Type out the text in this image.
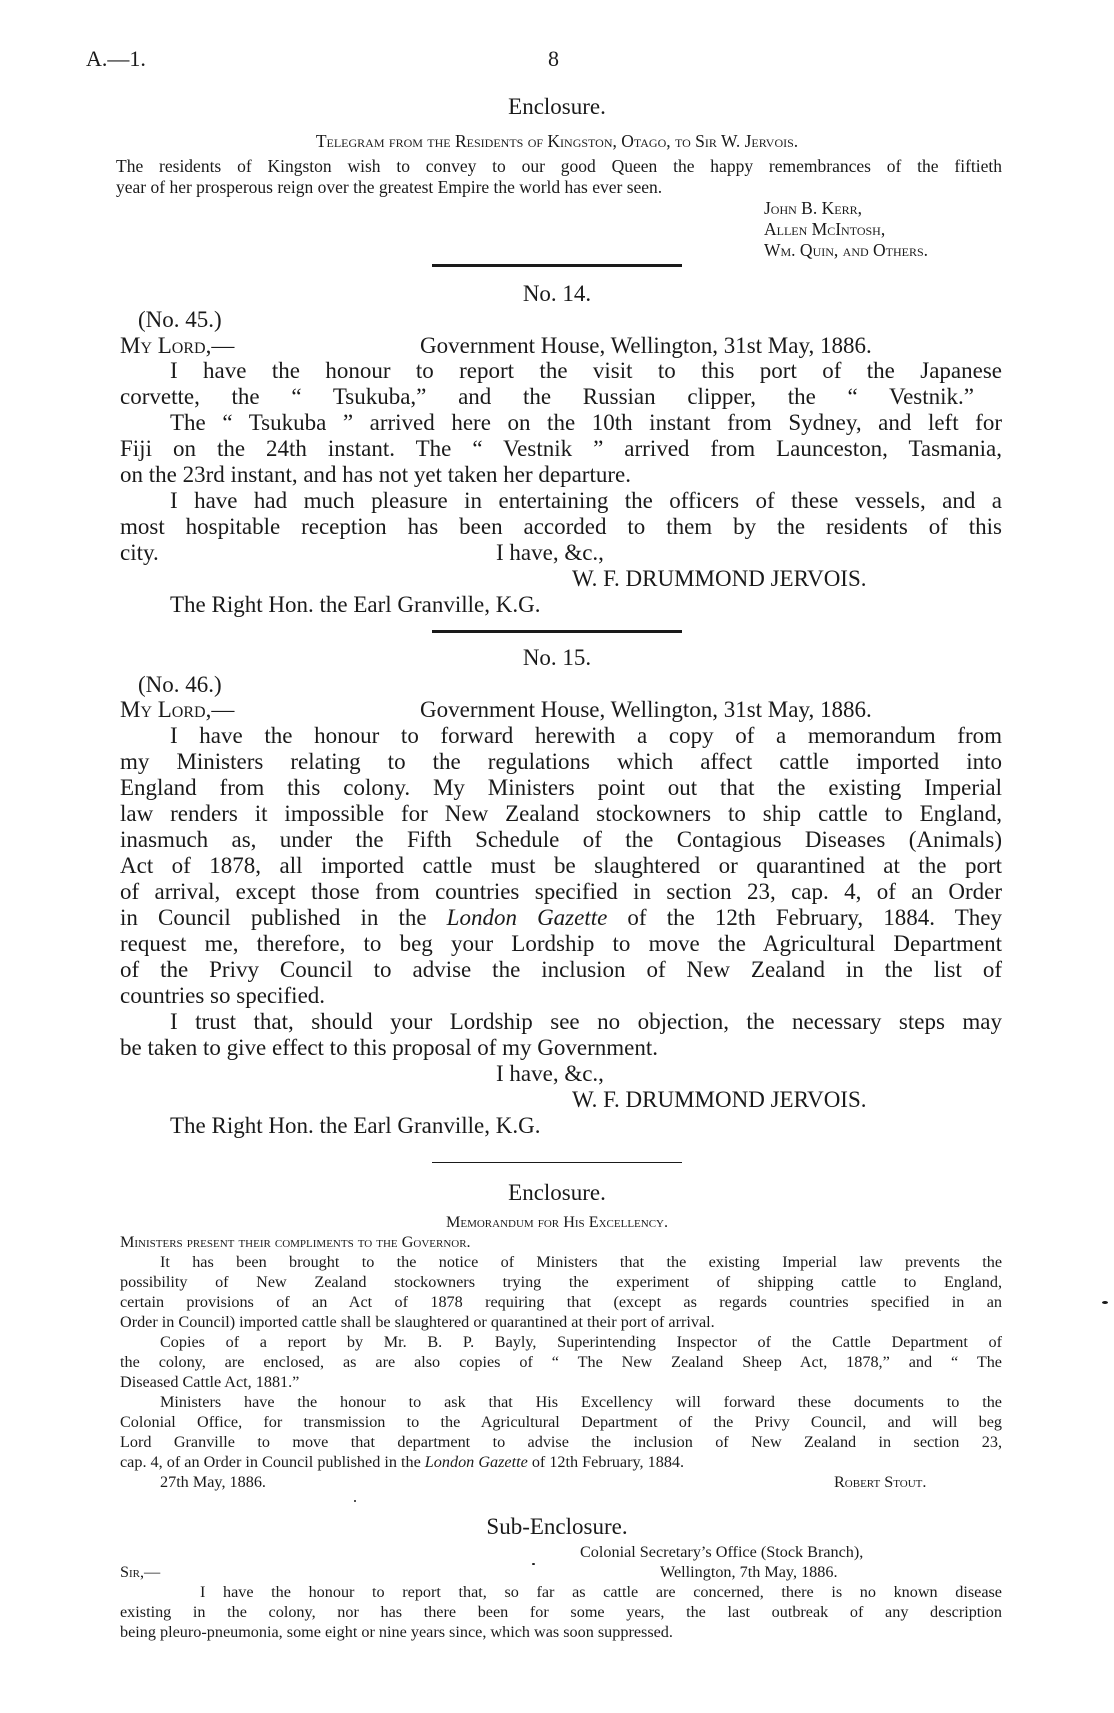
A.—1.	8
Enclosure.
Telegram from the Residents of Kingston, Otago, to Sir W. Jervois.
The residents of Kingston wish to convey to our good Queen the happy remembrances of the fiftieth
year of her prosperous reign over the greatest Empire the world has ever seen.
John B. Kerr,
Allen McIntosh,
Wm. Quin, and Others.
No. 14.
(No. 45.)
My Lord,—	Government House, Wellington, 31st May, 1886.
I have the honour to report the visit to this port of the Japanese
corvette, the “ Tsukuba,” and the Russian clipper, the “ Vestnik.”
The “ Tsukuba ” arrived here on the 10th instant from Sydney, and left for
Fiji on the 24th instant. The “ Vestnik ” arrived from Launceston, Tasmania,
on the 23rd instant, and has not yet taken her departure.
I have had much pleasure in entertaining the officers of these vessels, and a
most hospitable reception has been accorded to them by the residents of this
city.	I have, &c.,
W. F. DRUMMOND JERVOIS.
The Right Hon. the Earl Granville, K.G.
No. 15.
(No. 46.)
My Lord,—	Government House, Wellington, 31st May, 1886.
I have the honour to forward herewith a copy of a memorandum from
my Ministers relating to the regulations which affect cattle imported into
England from this colony. My Ministers point out that the existing Imperial
law renders it impossible for New Zealand stockowners to ship cattle to England,
inasmuch as, under the Fifth Schedule of the Contagious Diseases (Animals)
Act of 1878, all imported cattle must be slaughtered or quarantined at the port
of arrival, except those from countries specified in section 23, cap. 4, of an Order
in Council published in the London Gazette of the 12th February, 1884. They
request me, therefore, to beg your Lordship to move the Agricultural Department
of the Privy Council to advise the inclusion of New Zealand in the list of
countries so specified.
I trust that, should your Lordship see no objection, the necessary steps may
be taken to give effect to this proposal of my Government.
I have, &c.,
W. F. DRUMMOND JERVOIS.
The Right Hon. the Earl Granville, K.G.
Enclosure.
Memorandum for His Excellency.
Ministers present their compliments to the Governor.
It has been brought to the notice of Ministers that the existing Imperial law prevents the
possibility of New Zealand stockowners trying the experiment of shipping cattle to England,
certain provisions of an Act of 1878 requiring that (except as regards countries specified in an
Order in Council) imported cattle shall be slaughtered or quarantined at their port of arrival.
Copies of a report by Mr. B. P. Bayly, Superintending Inspector of the Cattle Department of
the colony, are enclosed, as are also copies of “ The New Zealand Sheep Act, 1878,” and “ The
Diseased Cattle Act, 1881.”
Ministers have the honour to ask that His Excellency will forward these documents to the
Colonial Office, for transmission to the Agricultural Department of the Privy Council, and will beg
Lord Granville to move that department to advise the inclusion of New Zealand in section 23,
cap. 4, of an Order in Council published in the London Gazette of 12th February, 1884.
27th May, 1886.	Robert Stout.
Sub-Enclosure.
Colonial Secretary’s Office (Stock Branch),
Sir,—	Wellington, 7th May, 1886.
I have the honour to report that, so far as cattle are concerned, there is no known disease
existing in the colony, nor has there been for some years, the last outbreak of any description
being pleuro-pneumonia, some eight or nine years since, which was soon suppressed.
